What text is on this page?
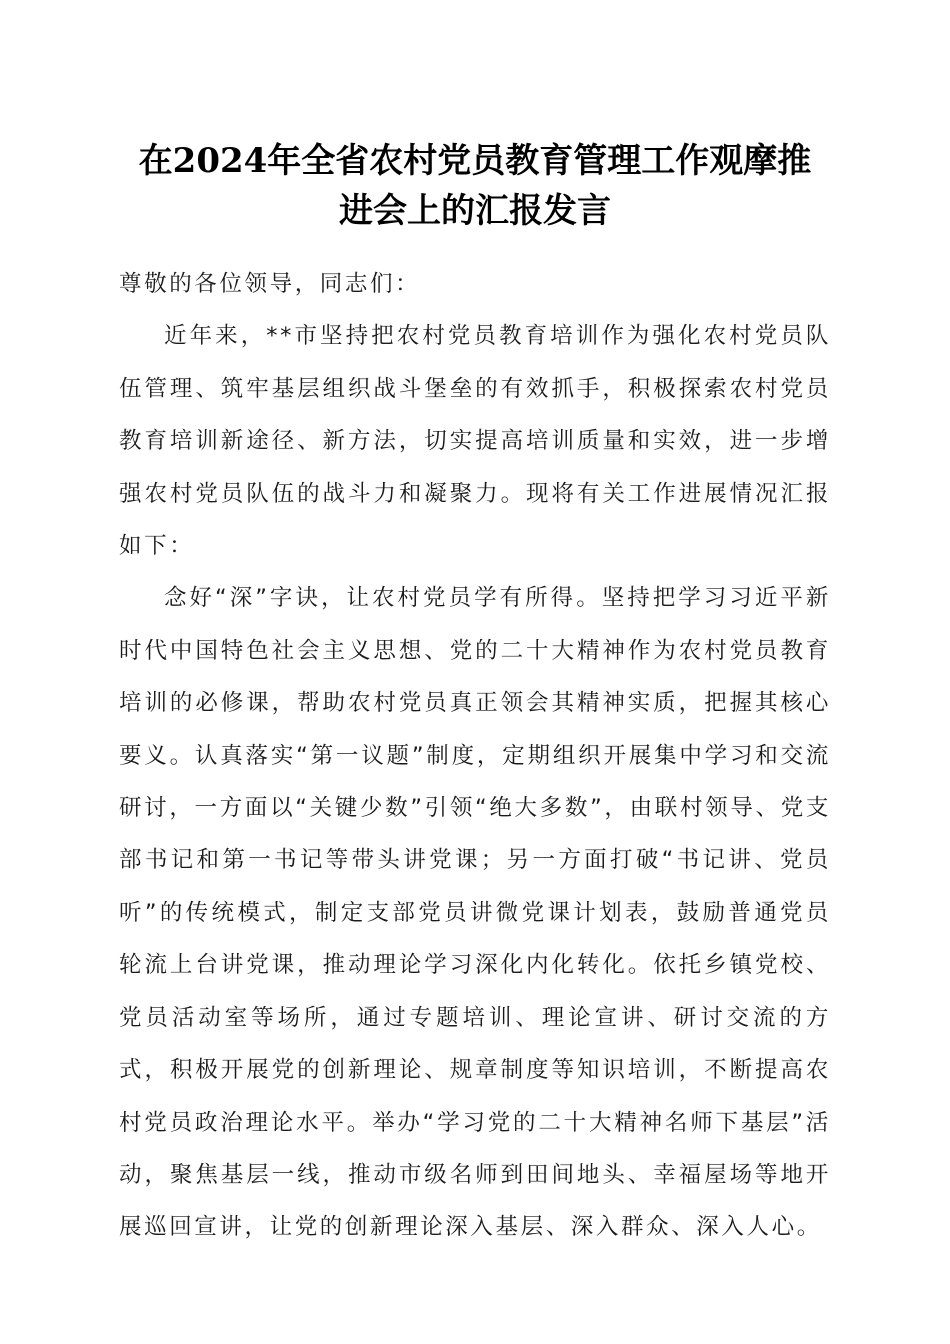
在2024年全省农村党员教育管理工作观摩推
进会上的汇报发言

尊敬的各位领导，同志们：

近年来，**市坚持把农村党员教育培训作为强化农村党员队伍管理、筑牢基层组织战斗堡垒的有效抓手，积极探索农村党员教育培训新途径、新方法，切实提高培训质量和实效，进一步增强农村党员队伍的战斗力和凝聚力。现将有关工作进展情况汇报如下：

念好“深”字诀，让农村党员学有所得。坚持把学习习近平新时代中国特色社会主义思想、党的二十大精神作为农村党员教育培训的必修课，帮助农村党员真正领会其精神实质，把握其核心要义。认真落实“第一议题”制度，定期组织开展集中学习和交流研讨，一方面以“关键少数”引领“绝大多数”，由联村领导、党支部书记和第一书记等带头讲党课；另一方面打破“书记讲、党员听”的传统模式，制定支部党员讲微党课计划表，鼓励普通党员轮流上台讲党课，推动理论学习深化内化转化。依托乡镇党校、党员活动室等场所，通过专题培训、理论宣讲、研讨交流的方式，积极开展党的创新理论、规章制度等知识培训，不断提高农村党员政治理论水平。举办“学习党的二十大精神名师下基层”活动，聚焦基层一线，推动市级名师到田间地头、幸福屋场等地开展巡回宣讲，让党的创新理论深入基层、深入群众、深入人心。
